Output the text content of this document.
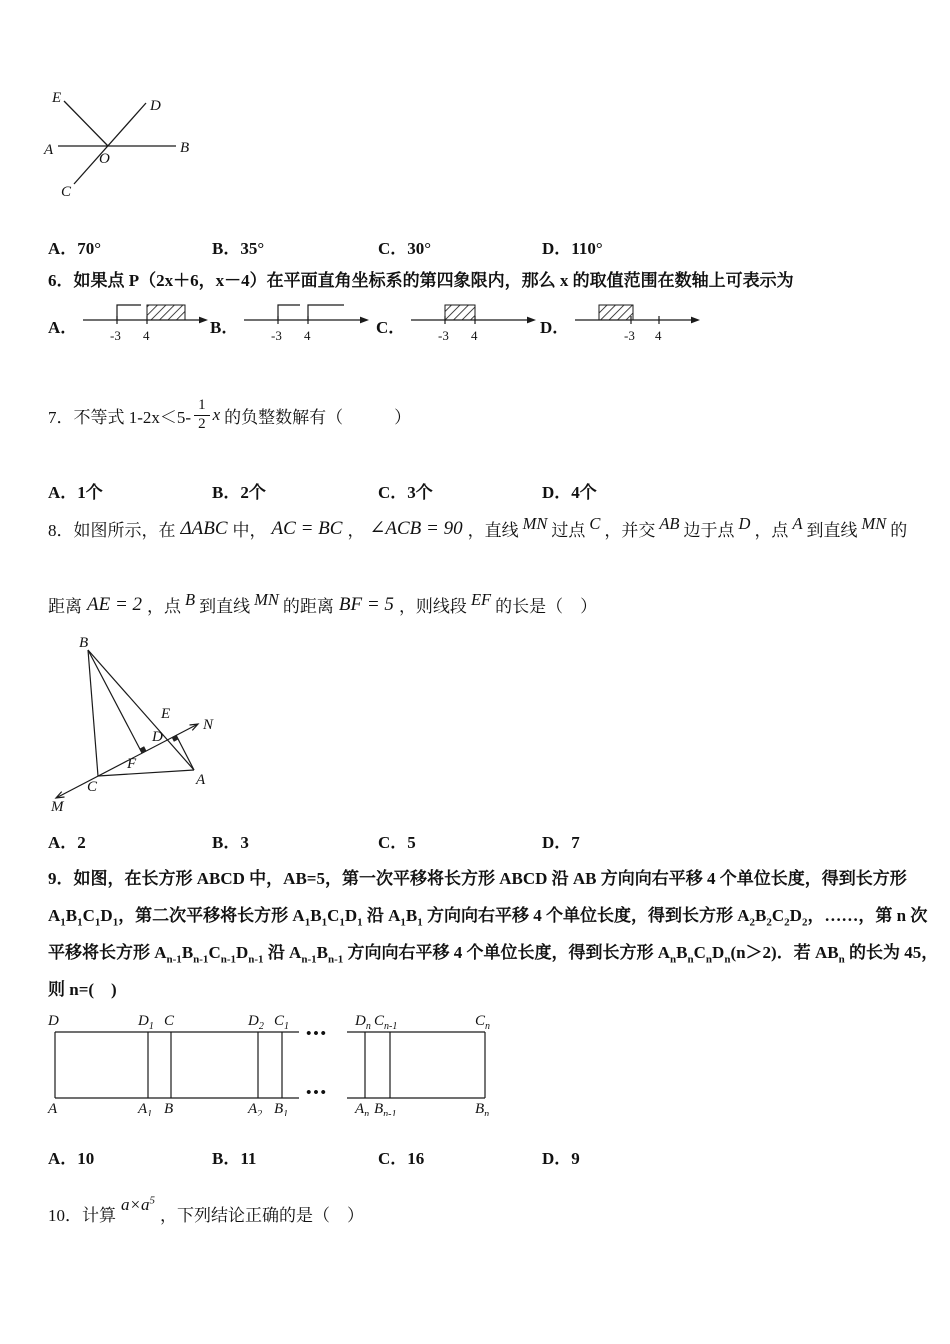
E	D
A
O
B
C
A．70°	B．35°	C．30°	D．110°
6．如果点 P（2x＋6，x－4）在平面直角坐标系的第四象限内，那么 x 的取值范围在数轴上可表示为
A．	-3 4	B．	-3 4	C．	-3 4	D．	-3 4
7．不等式 $1-2x<5- \frac{1}{2}$ x 的负整数解有（　　　）
A．1个	B．2个	C．3个	D．4个
8．如图所示，在 ΔABC 中， AC = BC ， ∠ACB = 90 ，直线 MN 过点 C ，并交 AB 边于点 D ，点 A 到直线 MN 的
距离 AE = 2 ，点 B 到直线 MN 的距离 BF = 5 ，则线段 EF 的长是（　）
B
E
D
N
C
F
A
M
A．2	B．3	C．5	D．7
9．如图，在长方形 ABCD 中，AB=5，第一次平移将长方形 ABCD 沿 AB 方向向右平移 4 个单位长度，得到长方形
$A_1B_1C_1D_1$，第二次平移将长方形 $A_1B_1C_1D_1$ 沿 $A_1B_1$ 方向向右平移 4 个单位长度，得到长方形 $A_2B_2C_2D_2$，……，第 n 次
平移将长方形 $A_{n-1}B_{n-1}C_{n-1}D_{n-1}$ 沿 $A_{n-1}B_{n-1}$ 方向向右平移 4 个单位长度，得到长方形 $A_nB_nC_nD_n(n>2)$．若 $AB_n$ 的长为 45，
则 n=(　)
D	$D_1$ C	$D_2$ $C_1$	$D_n$ $C_{n-1}$	$C_n$
A	$A_1$ B	$A_2$ $B_1$	$A_n$ $B_{n-1}$	$B_n$
•••
•••
A．10	B．11	C．16	D．9
10．计算
$a\times a^5$
，下列结论正确的是（　）
